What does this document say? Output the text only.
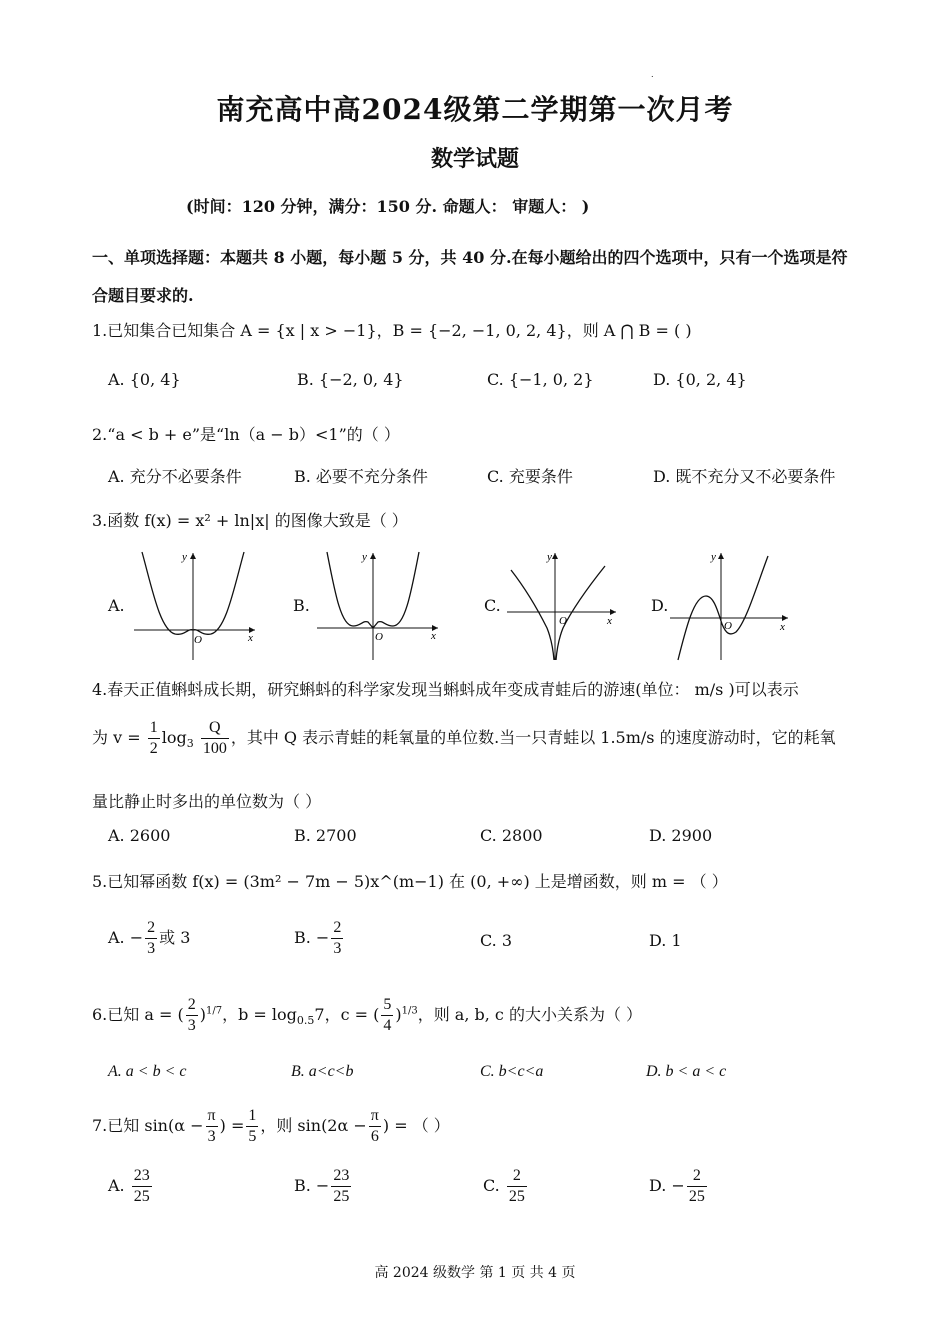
.
南充高中高2024级第二学期第一次月考
数学试题
(时间：120 分钟，满分：150 分. 命题人： 审题人： )
一、单项选择题：本题共 8 小题，每小题 5 分，共 40 分.在每小题给出的四个选项中，只有一个选项是符合题目要求的.
1.已知集合已知集合 A = {x | x > −1}，B = {−2, −1, 0, 2, 4}，则 A ⋂ B = ( )
A. {0, 4}	B. {−2, 0, 4}	C. {−1, 0, 2}	D. {0, 2, 4}
2.“a < b + e”是“ln（a − b）<1”的（ ）
A. 充分不必要条件	B. 必要不充分条件	C. 充要条件	D. 既不充分又不必要条件
3.函数 f(x) = x² + ln|x| 的图像大致是（ ）
A.	B.	C.	D.
y
x
O
y
x
O
y
x
O
y
x
O
4.春天正值蝌蚪成长期，研究蝌蚪的科学家发现当蝌蚪成年变成青蛙后的游速(单位： m/s )可以表示
为 $v = \frac{1}{2} \log_3 \frac{Q}{100}$ ，其中 Q 表示青蛙的耗氧量的单位数.当一只青蛙以 1.5m/s 的速度游动时，它的耗氧
量比静止时多出的单位数为（ ）
A. 2600	B. 2700	C. 2800	D. 2900
5.已知幂函数 f(x) = (3m² − 7m − 5)x^(m−1) 在 (0, +∞) 上是增函数，则 m = （ ）
A. − $\frac{2}{3}$ 或 3	B. − $\frac{2}{3}$	C. 3	D. 1
6.已知 a = ( $\frac{2}{3} )^{1/7}$，$b = \log_{0.5}7$，c = ( $\frac{5}{4} )^{1/3}$，则 a, b, c 的大小关系为（ ）
A. a < b < c	B. a<c<b	C. b<c<a	D. b < a < c
7.已知 $\sin(\alpha - \frac{\pi}{3}$ ) = $\frac{1}{5}$ ，则 $\sin(2\alpha - \frac{\pi}{6}$ ) = （ ）
A. $\frac{23}{25}$	B. − $\frac{23}{25}$	C. $\frac{2}{25}$	D. − $\frac{2}{25}$
高 2024 级数学 第 1 页 共 4 页
